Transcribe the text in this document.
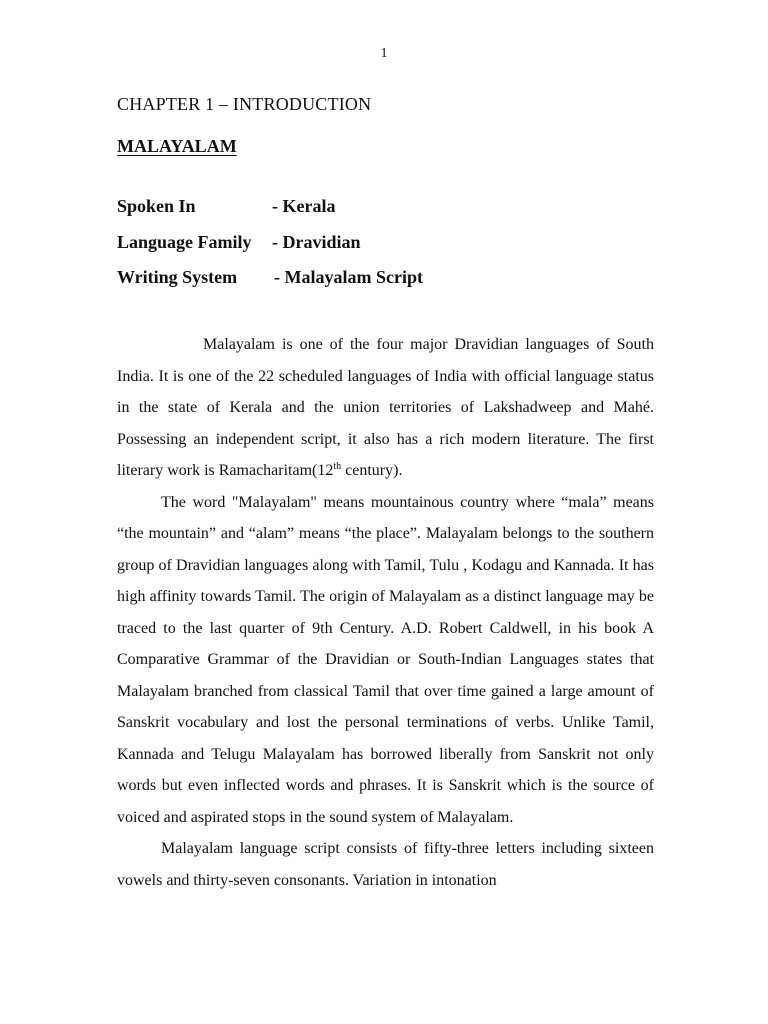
1
CHAPTER 1 – INTRODUCTION
MALAYALAM
Spoken In	- Kerala
Language Family - Dravidian
Writing System - Malayalam Script

Malayalam is one of the four major Dravidian languages of South India. It is one of the 22 scheduled languages of India with official language status in the state of Kerala and the union territories of Lakshadweep and Mahé. Possessing an independent script, it also has a rich modern literature. The first literary work is Ramacharitam(12th century).

The word "Malayalam" means mountainous country where “mala” means “the mountain” and “alam” means “the place”. Malayalam belongs to the southern group of Dravidian languages along with Tamil, Tulu , Kodagu and Kannada. It has high affinity towards Tamil. The origin of Malayalam as a distinct language may be traced to the last quarter of 9th Century. A.D. Robert Caldwell, in his book A Comparative Grammar of the Dravidian or South-Indian Languages states that Malayalam branched from classical Tamil that over time gained a large amount of Sanskrit vocabulary and lost the personal terminations of verbs. Unlike Tamil, Kannada and Telugu Malayalam has borrowed liberally from Sanskrit not only words but even inflected words and phrases. It is Sanskrit which is the source of voiced and aspirated stops in the sound system of Malayalam.

Malayalam language script consists of fifty-three letters including sixteen vowels and thirty-seven consonants. Variation in intonation
